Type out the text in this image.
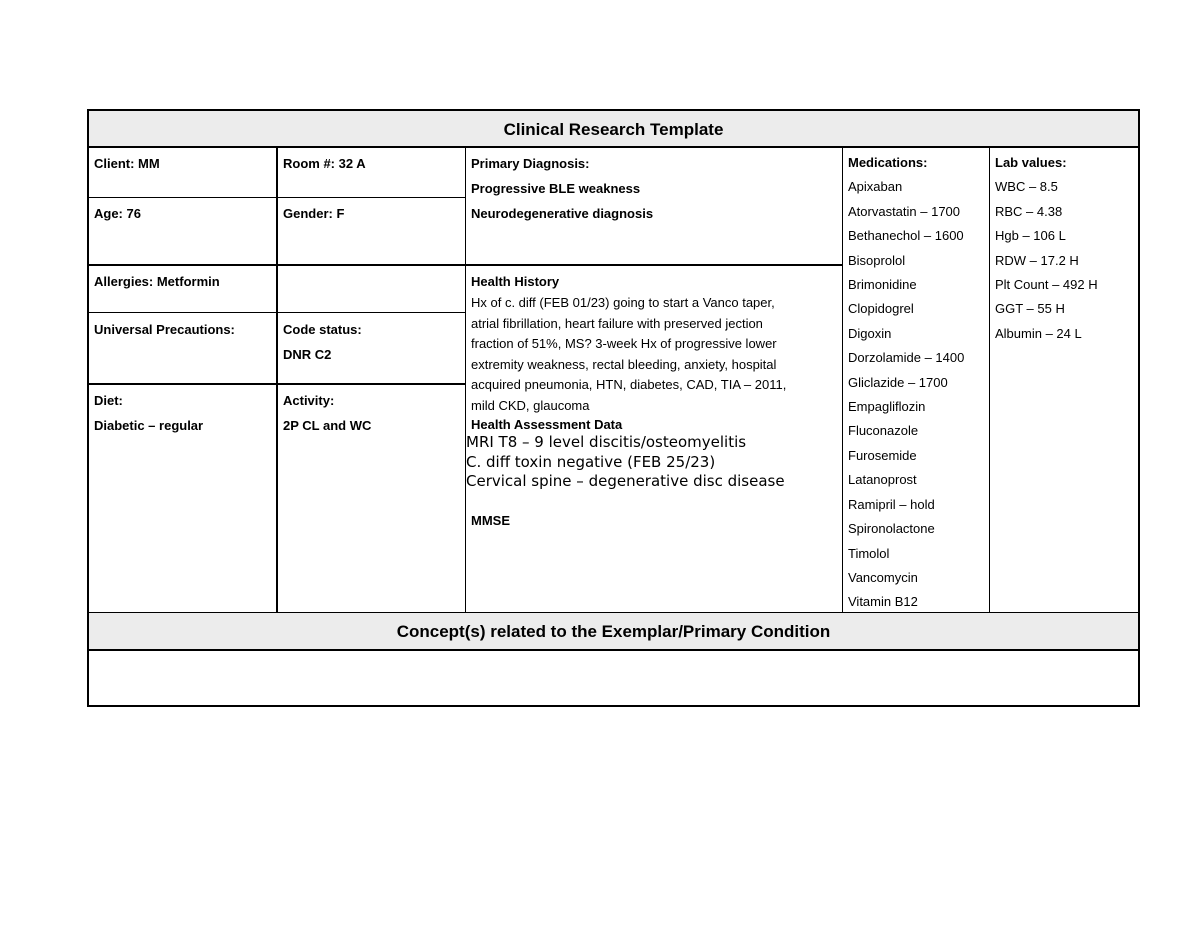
Clinical Research Template
Client: MM	Room #: 32 A
Age: 76	Gender: F
Primary Diagnosis:
Progressive BLE weakness
Neurodegenerative diagnosis
Allergies: Metformin
Universal Precautions:	Code status:
DNR C2
Diet:
Diabetic – regular
Activity:
2P CL and WC
Health History
Hx of c. diff (FEB 01/23) going to start a Vanco taper,
atrial fibrillation, heart failure with preserved jection
fraction of 51%, MS? 3-week Hx of progressive lower
extremity weakness, rectal bleeding, anxiety, hospital
acquired pneumonia, HTN, diabetes, CAD, TIA – 2011,
mild CKD, glaucoma
Health Assessment Data
MRI T8 – 9 level discitis/osteomyelitis
C. diff toxin negative (FEB 25/23)
Cervical spine – degenerative disc disease
MMSE
Medications:
Apixaban
Atorvastatin – 1700
Bethanechol – 1600
Bisoprolol
Brimonidine
Clopidogrel
Digoxin
Dorzolamide – 1400
Gliclazide – 1700
Empagliflozin
Fluconazole
Furosemide
Latanoprost
Ramipril – hold
Spironolactone
Timolol
Vancomycin
Vitamin B12
Lab values:
WBC – 8.5
RBC – 4.38
Hgb – 106 L
RDW – 17.2 H
Plt Count – 492 H
GGT – 55 H
Albumin – 24 L
Concept(s) related to the Exemplar/Primary Condition
